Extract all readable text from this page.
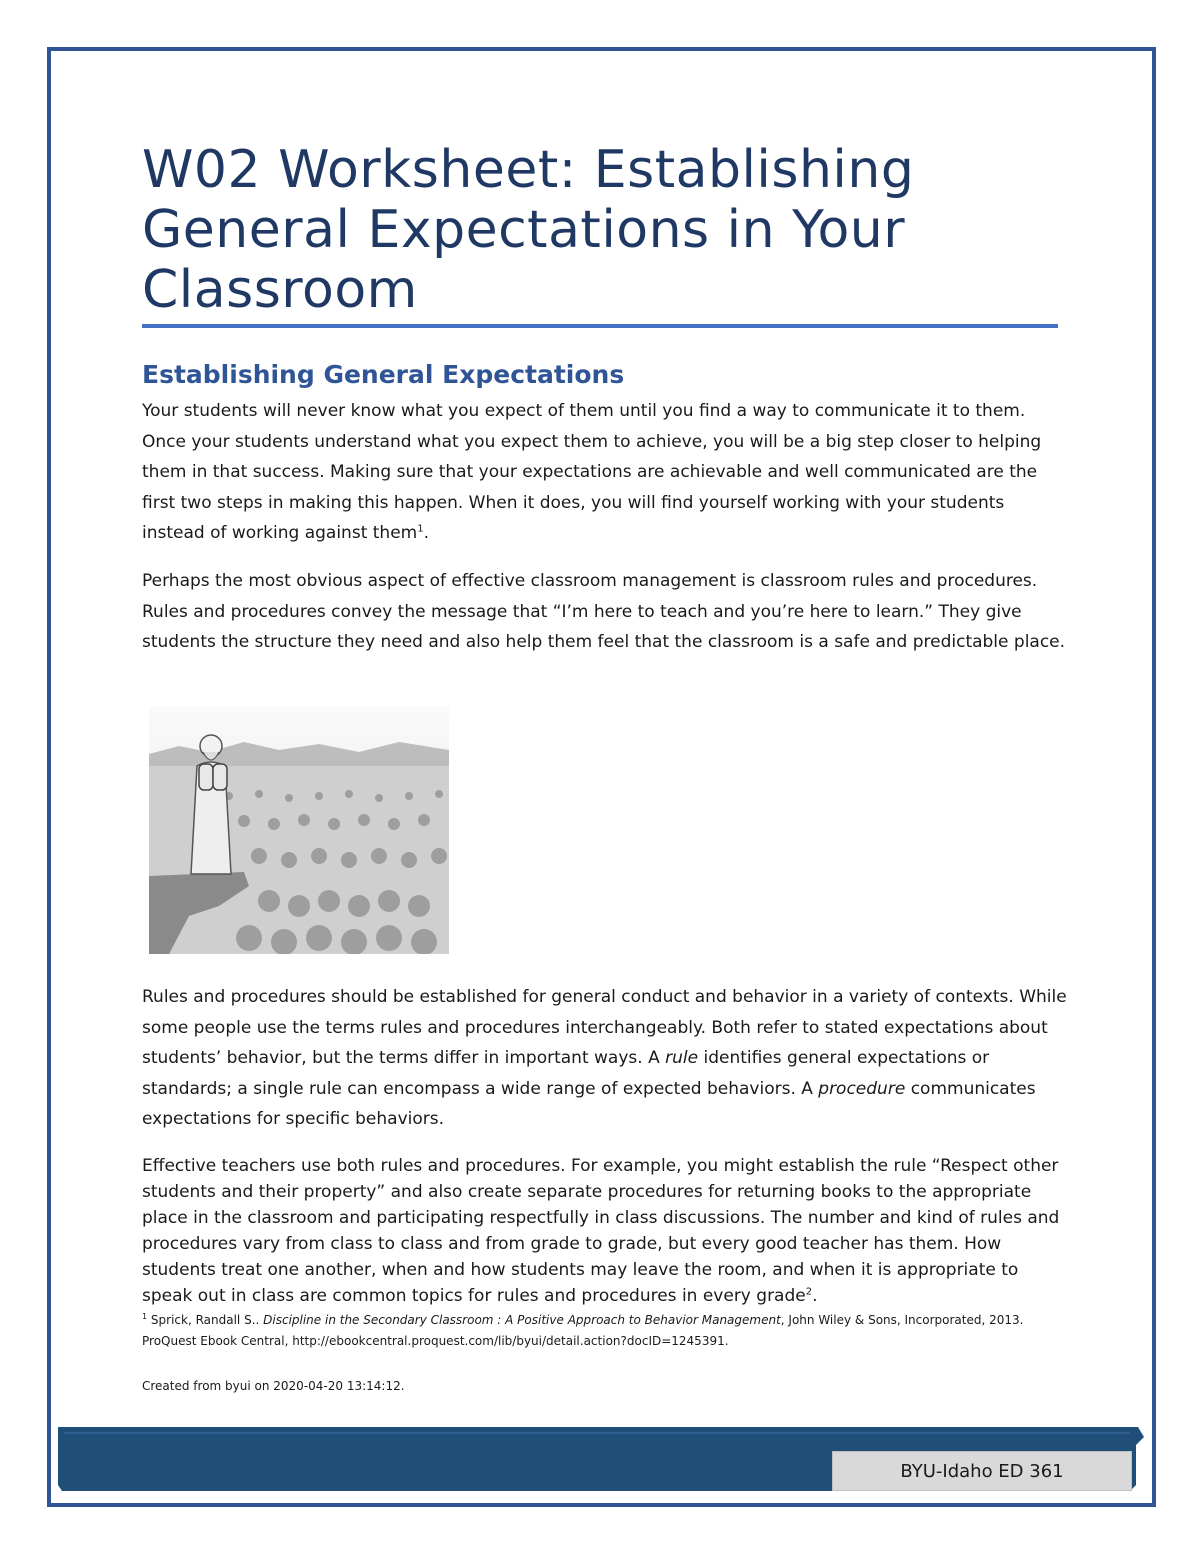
W02 Worksheet: Establishing General Expectations in Your Classroom
Establishing General Expectations

Your students will never know what you expect of them until you find a way to communicate it to them. Once your students understand what you expect them to achieve, you will be a big step closer to helping them in that success. Making sure that your expectations are achievable and well communicated are the first two steps in making this happen. When it does, you will find yourself working with your students instead of working against them$^1$.

Perhaps the most obvious aspect of effective classroom management is classroom rules and procedures. Rules and procedures convey the message that “I’m here to teach and you’re here to learn.” They give students the structure they need and also help them feel that the classroom is a safe and predictable place.

Rules and procedures should be established for general conduct and behavior in a variety of contexts. While some people use the terms rules and procedures interchangeably. Both refer to stated expectations about students’ behavior, but the terms differ in important ways. A rule identifies general expectations or standards; a single rule can encompass a wide range of expected behaviors. A procedure communicates expectations for specific behaviors.

Effective teachers use both rules and procedures. For example, you might establish the rule “Respect other students and their property” and also create separate procedures for returning books to the appropriate place in the classroom and participating respectfully in class discussions. The number and kind of rules and procedures vary from class to class and from grade to grade, but every good teacher has them. How students treat one another, when and how students may leave the room, and when it is appropriate to speak out in class are common topics for rules and procedures in every grade$^2$.

$^1$ Sprick, Randall S.. Discipline in the Secondary Classroom : A Positive Approach to Behavior Management, John Wiley & Sons, Incorporated, 2013. ProQuest Ebook Central, http://ebookcentral.proquest.com/lib/byui/detail.action?docID=1245391.

Created from byui on 2020-04-20 13:14:12.

BYU-Idaho ED 361
